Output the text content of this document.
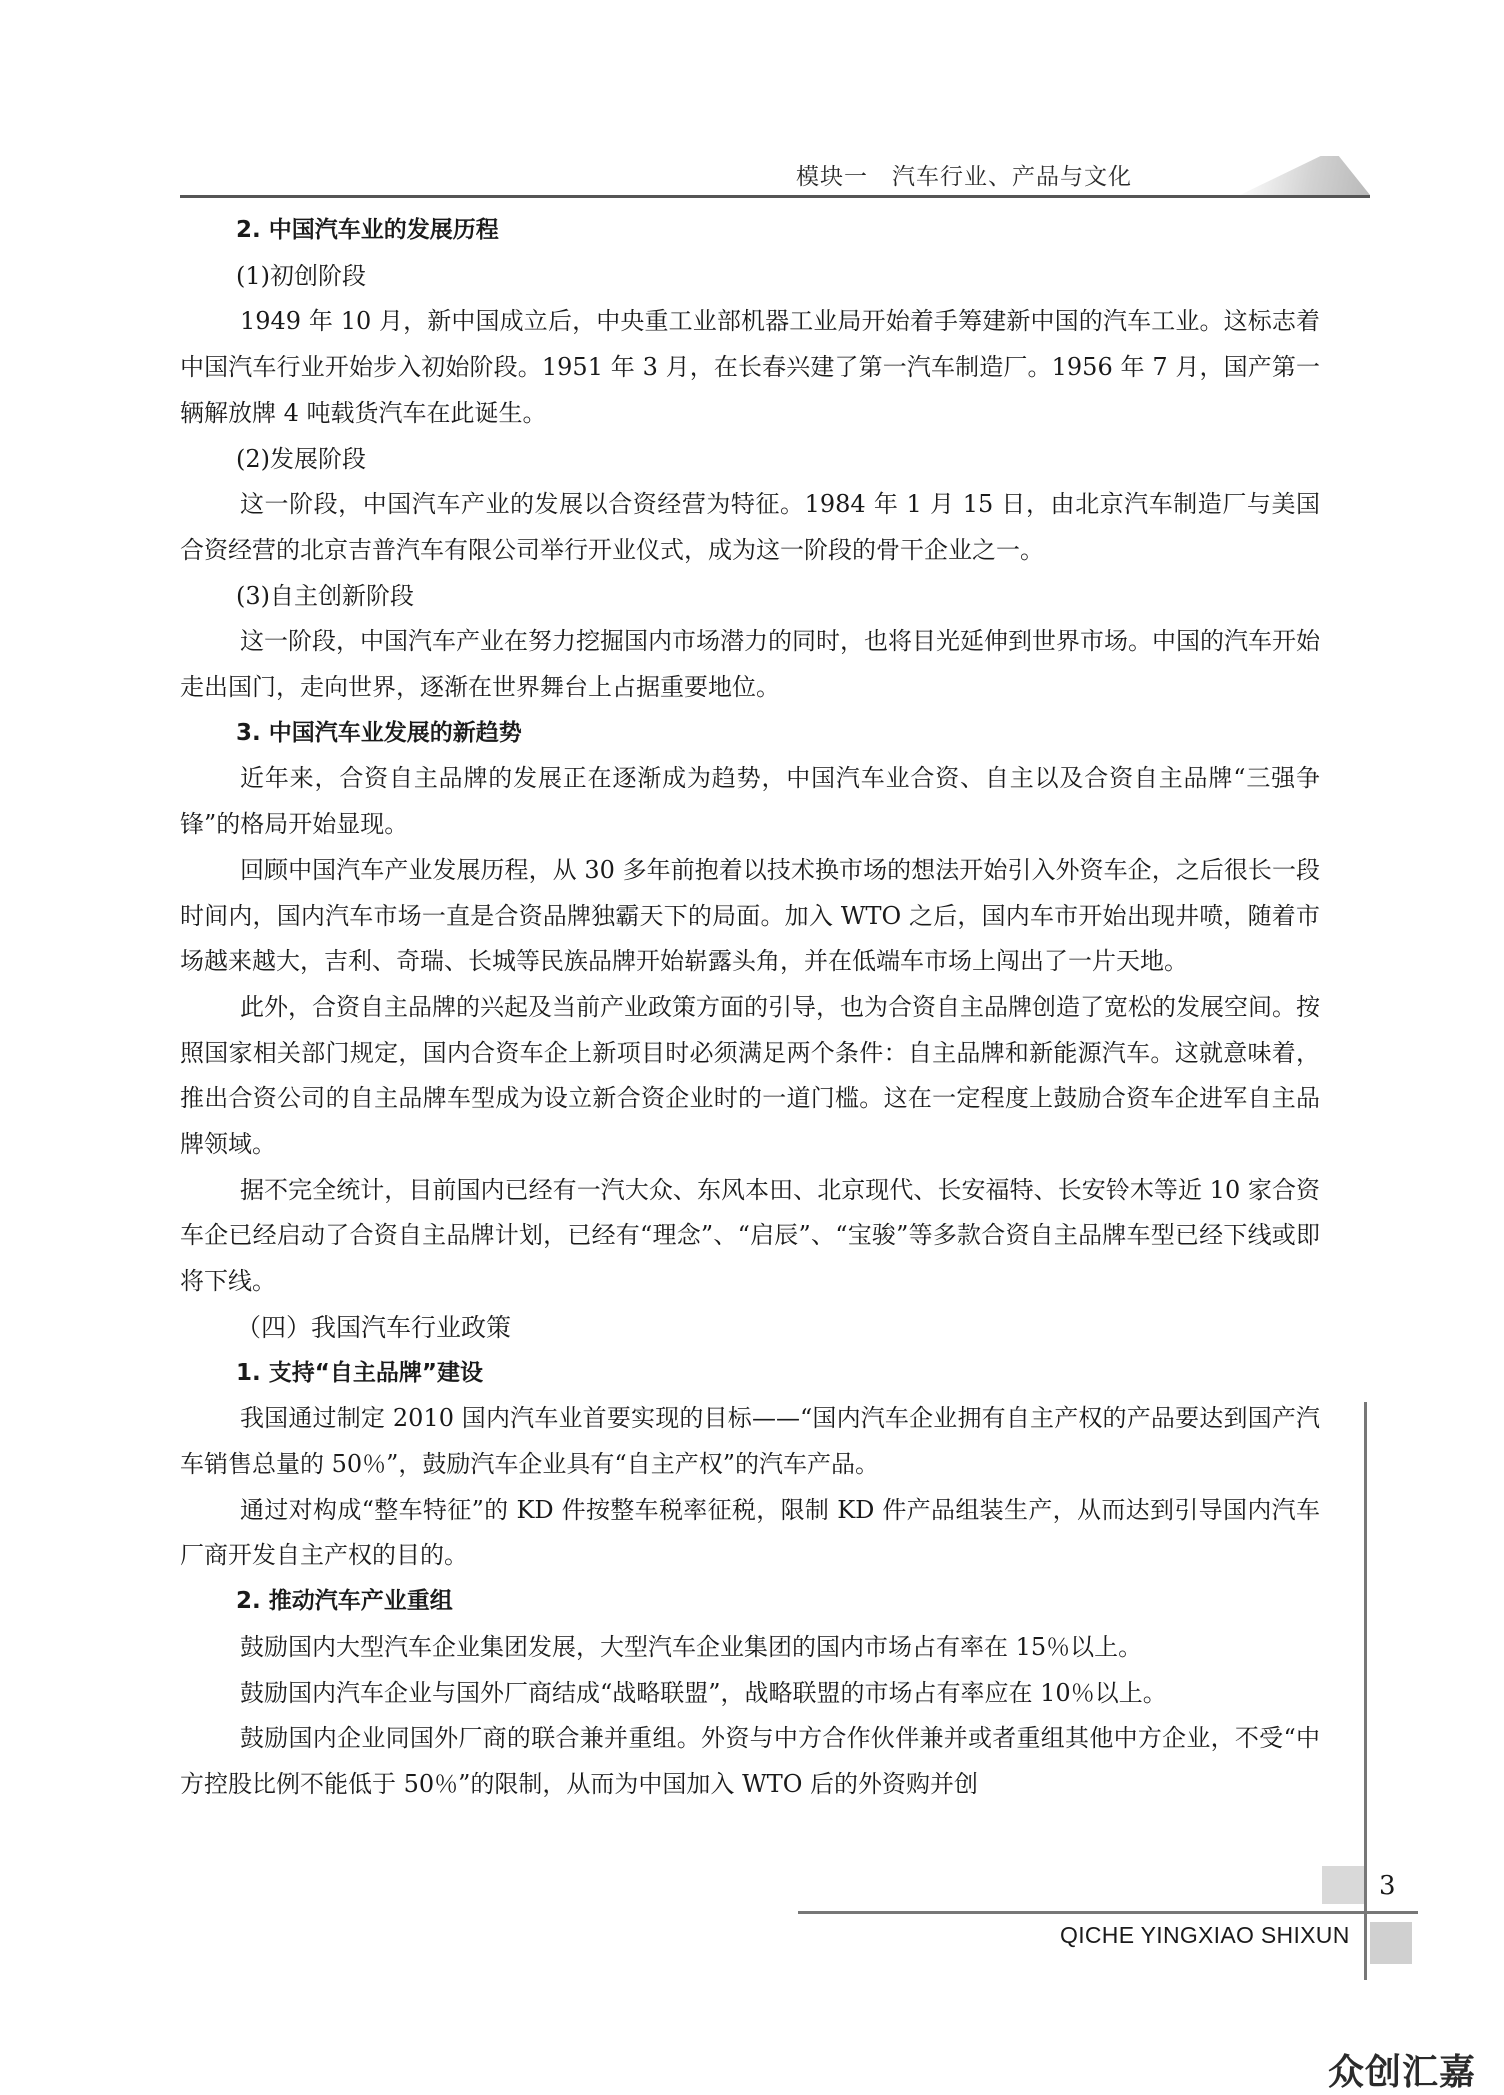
模块一　汽车行业、产品与文化

2. 中国汽车业的发展历程

(1)初创阶段

1949 年 10 月，新中国成立后，中央重工业部机器工业局开始着手筹建新中国的汽车工业。这标志着中国汽车行业开始步入初始阶段。1951 年 3 月，在长春兴建了第一汽车制造厂。1956 年 7 月，国产第一辆解放牌 4 吨载货汽车在此诞生。

(2)发展阶段

这一阶段，中国汽车产业的发展以合资经营为特征。1984 年 1 月 15 日，由北京汽车制造厂与美国合资经营的北京吉普汽车有限公司举行开业仪式，成为这一阶段的骨干企业之一。

(3)自主创新阶段

这一阶段，中国汽车产业在努力挖掘国内市场潜力的同时，也将目光延伸到世界市场。中国的汽车开始走出国门，走向世界，逐渐在世界舞台上占据重要地位。

3. 中国汽车业发展的新趋势

近年来，合资自主品牌的发展正在逐渐成为趋势，中国汽车业合资、自主以及合资自主品牌“三强争锋”的格局开始显现。

回顾中国汽车产业发展历程，从 30 多年前抱着以技术换市场的想法开始引入外资车企，之后很长一段时间内，国内汽车市场一直是合资品牌独霸天下的局面。加入 WTO 之后，国内车市开始出现井喷，随着市场越来越大，吉利、奇瑞、长城等民族品牌开始崭露头角，并在低端车市场上闯出了一片天地。

此外，合资自主品牌的兴起及当前产业政策方面的引导，也为合资自主品牌创造了宽松的发展空间。按照国家相关部门规定，国内合资车企上新项目时必须满足两个条件：自主品牌和新能源汽车。这就意味着，推出合资公司的自主品牌车型成为设立新合资企业时的一道门槛。这在一定程度上鼓励合资车企进军自主品牌领域。

据不完全统计，目前国内已经有一汽大众、东风本田、北京现代、长安福特、长安铃木等近 10 家合资车企已经启动了合资自主品牌计划，已经有“理念”、“启辰”、“宝骏”等多款合资自主品牌车型已经下线或即将下线。

（四）我国汽车行业政策

1. 支持“自主品牌”建设

我国通过制定 2010 国内汽车业首要实现的目标——“国内汽车企业拥有自主产权的产品要达到国产汽车销售总量的 50％”，鼓励汽车企业具有“自主产权”的汽车产品。

通过对构成“整车特征”的 KD 件按整车税率征税，限制 KD 件产品组装生产，从而达到引导国内汽车厂商开发自主产权的目的。

2. 推动汽车产业重组

鼓励国内大型汽车企业集团发展，大型汽车企业集团的国内市场占有率在 15％以上。

鼓励国内汽车企业与国外厂商结成“战略联盟”，战略联盟的市场占有率应在 10％以上。

鼓励国内企业同国外厂商的联合兼并重组。外资与中方合作伙伴兼并或者重组其他中方企业，不受“中方控股比例不能低于 50％”的限制，从而为中国加入 WTO 后的外资购并创

3
QICHE YINGXIAO SHIXUN
众创汇嘉
